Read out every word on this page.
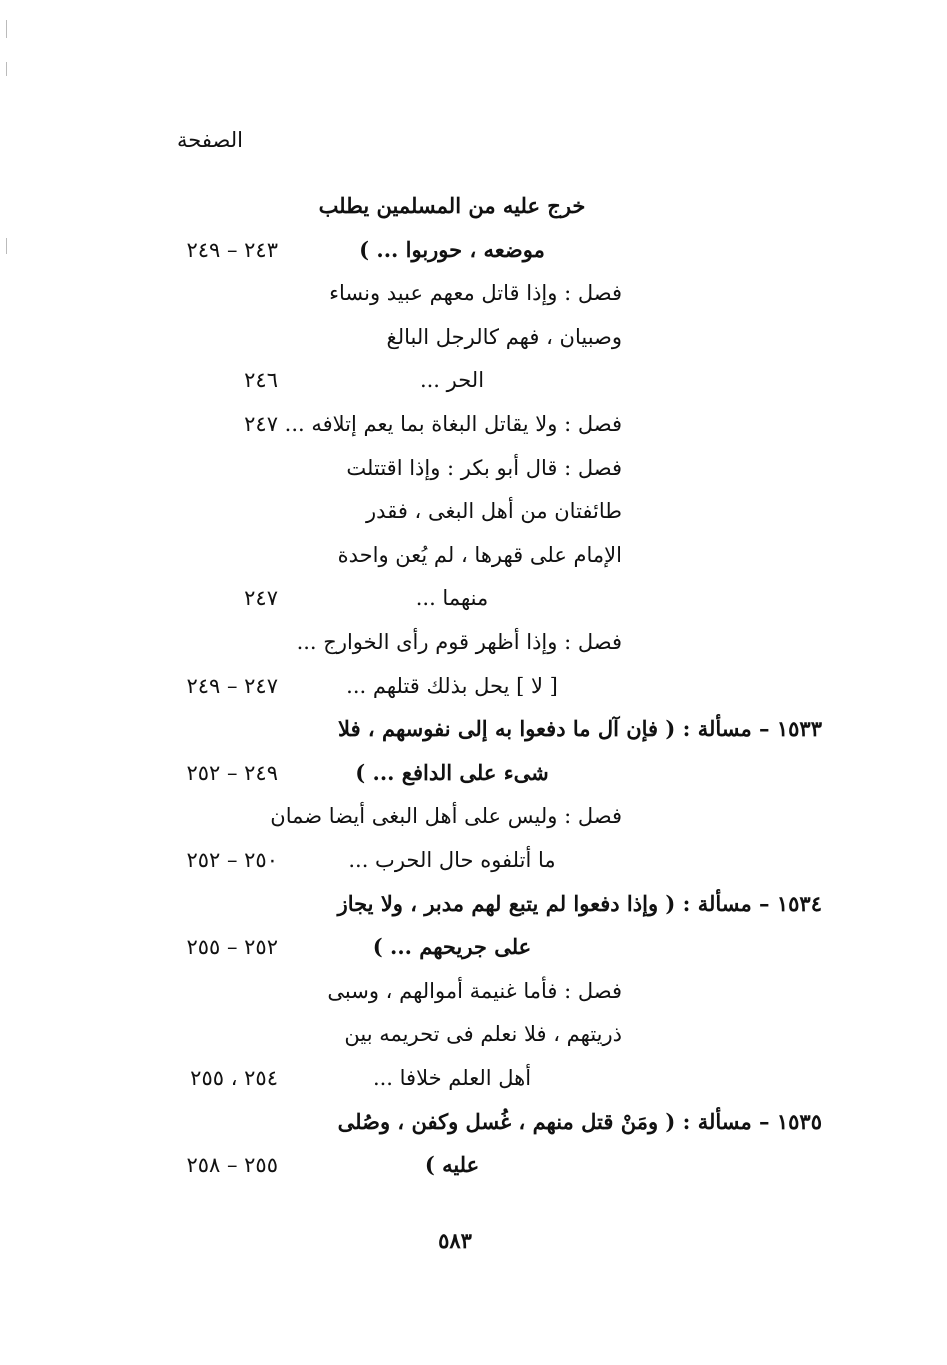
الصفحة
خرج عليه من المسلمين يطلب
موضعه ، حوربوا ... )
٢٤٣ – ٢٤٩
فصل : وإذا قاتل معهم عبيد ونساء
وصبيان ، فهم كالرجل البالغ
الحر ...
٢٤٦
فصل : ولا يقاتل البغاة بما يعم إتلافه ...
٢٤٧
فصل : قال أبو بكر : وإذا اقتتلت
طائفتان من أهل البغى ، فقدر
الإمام على قهرها ، لم يُعن واحدة
منهما ...
٢٤٧
فصل : وإذا أظهر قوم رأى الخوارج ...
[ لا ] يحل بذلك قتلهم ...
٢٤٧ – ٢٤٩
١٥٣٣ – مسألة : ( فإن آل ما دفعوا به إلى نفوسهم ، فلا
شىء على الدافع ... )
٢٤٩ – ٢٥٢
فصل : وليس على أهل البغى أيضا ضمان
ما أتلفوه حال الحرب ...
٢٥٠ – ٢٥٢
١٥٣٤ – مسألة : ( وإذا دفعوا لم يتبع لهم مدبر ، ولا يجاز
على جريحهم ... )
٢٥٢ – ٢٥٥
فصل : فأما غنيمة أموالهم ، وسبى
ذريتهم ، فلا نعلم فى تحريمه بين
أهل العلم خلافا ...
٢٥٤ ، ٢٥٥
١٥٣٥ – مسألة : ( ومَنْ قتل منهم ، غُسل وكفن ، وصُلى
عليه )
٢٥٥ – ٢٥٨
٥٨٣
